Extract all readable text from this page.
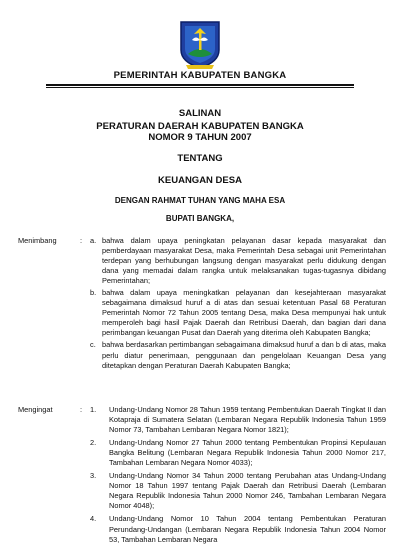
PEMERINTAH KABUPATEN BANGKA
SALINAN
PERATURAN DAERAH KABUPATEN BANGKA
NOMOR 9 TAHUN 2007
TENTANG
KEUANGAN DESA
DENGAN RAHMAT TUHAN YANG MAHA ESA
BUPATI BANGKA,
Menimbang	: a. bahwa dalam upaya peningkatan pelayanan dasar kepada masyarakat dan pemberdayaan masyarakat Desa, maka Pemerintah Desa sebagai unit Pemerintahan terdepan yang berhubungan langsung dengan masyarakat perlu didukung dengan dana yang memadai dalam rangka untuk melaksanakan tugas-tugasnya dibidang Pemerintahan;
b. bahwa dalam upaya meningkatkan pelayanan dan kesejahteraan masyarakat sebagaimana dimaksud huruf a di atas dan sesuai ketentuan Pasal 68 Peraturan Pemerintah Nomor 72 Tahun 2005 tentang Desa, maka Desa mempunyai hak untuk memperoleh bagi hasil Pajak Daerah dan Retribusi Daerah, dan bagian dari dana perimbangan keuangan Pusat dan Daerah yang diterima oleh Kabupaten Bangka;
c. bahwa berdasarkan pertimbangan sebagaimana dimaksud huruf a dan b di atas, maka perlu diatur penerimaan, penggunaan dan pengelolaan Keuangan Desa yang ditetapkan dengan Peraturan Daerah Kabupaten Bangka;
Mengingat	: 1. Undang-Undang Nomor 28 Tahun 1959 tentang Pembentukan Daerah Tingkat II dan Kotapraja di Sumatera Selatan (Lembaran Negara Republik Indonesia Tahun 1959 Nomor 73, Tambahan Lembaran Negara Nomor 1821);
2. Undang-Undang Nomor 27 Tahun 2000 tentang Pembentukan Propinsi Kepulauan Bangka Belitung (Lembaran Negara Republik Indonesia Tahun 2000 Nomor 217, Tambahan Lembaran Negara Nomor 4033);
3. Undang-Undang Nomor 34 Tahun 2000 tentang Perubahan atas Undang-Undang Nomor 18 Tahun 1997 tentang Pajak Daerah dan Retribusi Daerah (Lembaran Negara Republik Indonesia Tahun 2000 Nomor 246, Tambahan Lembaran Negara Nomor 4048);
4. Undang-Undang Nomor 10 Tahun 2004 tentang Pembentukan Peraturan Perundang-Undangan (Lembaran Negara Republik Indonesia Tahun 2004 Nomor 53, Tambahan Lembaran Negara
